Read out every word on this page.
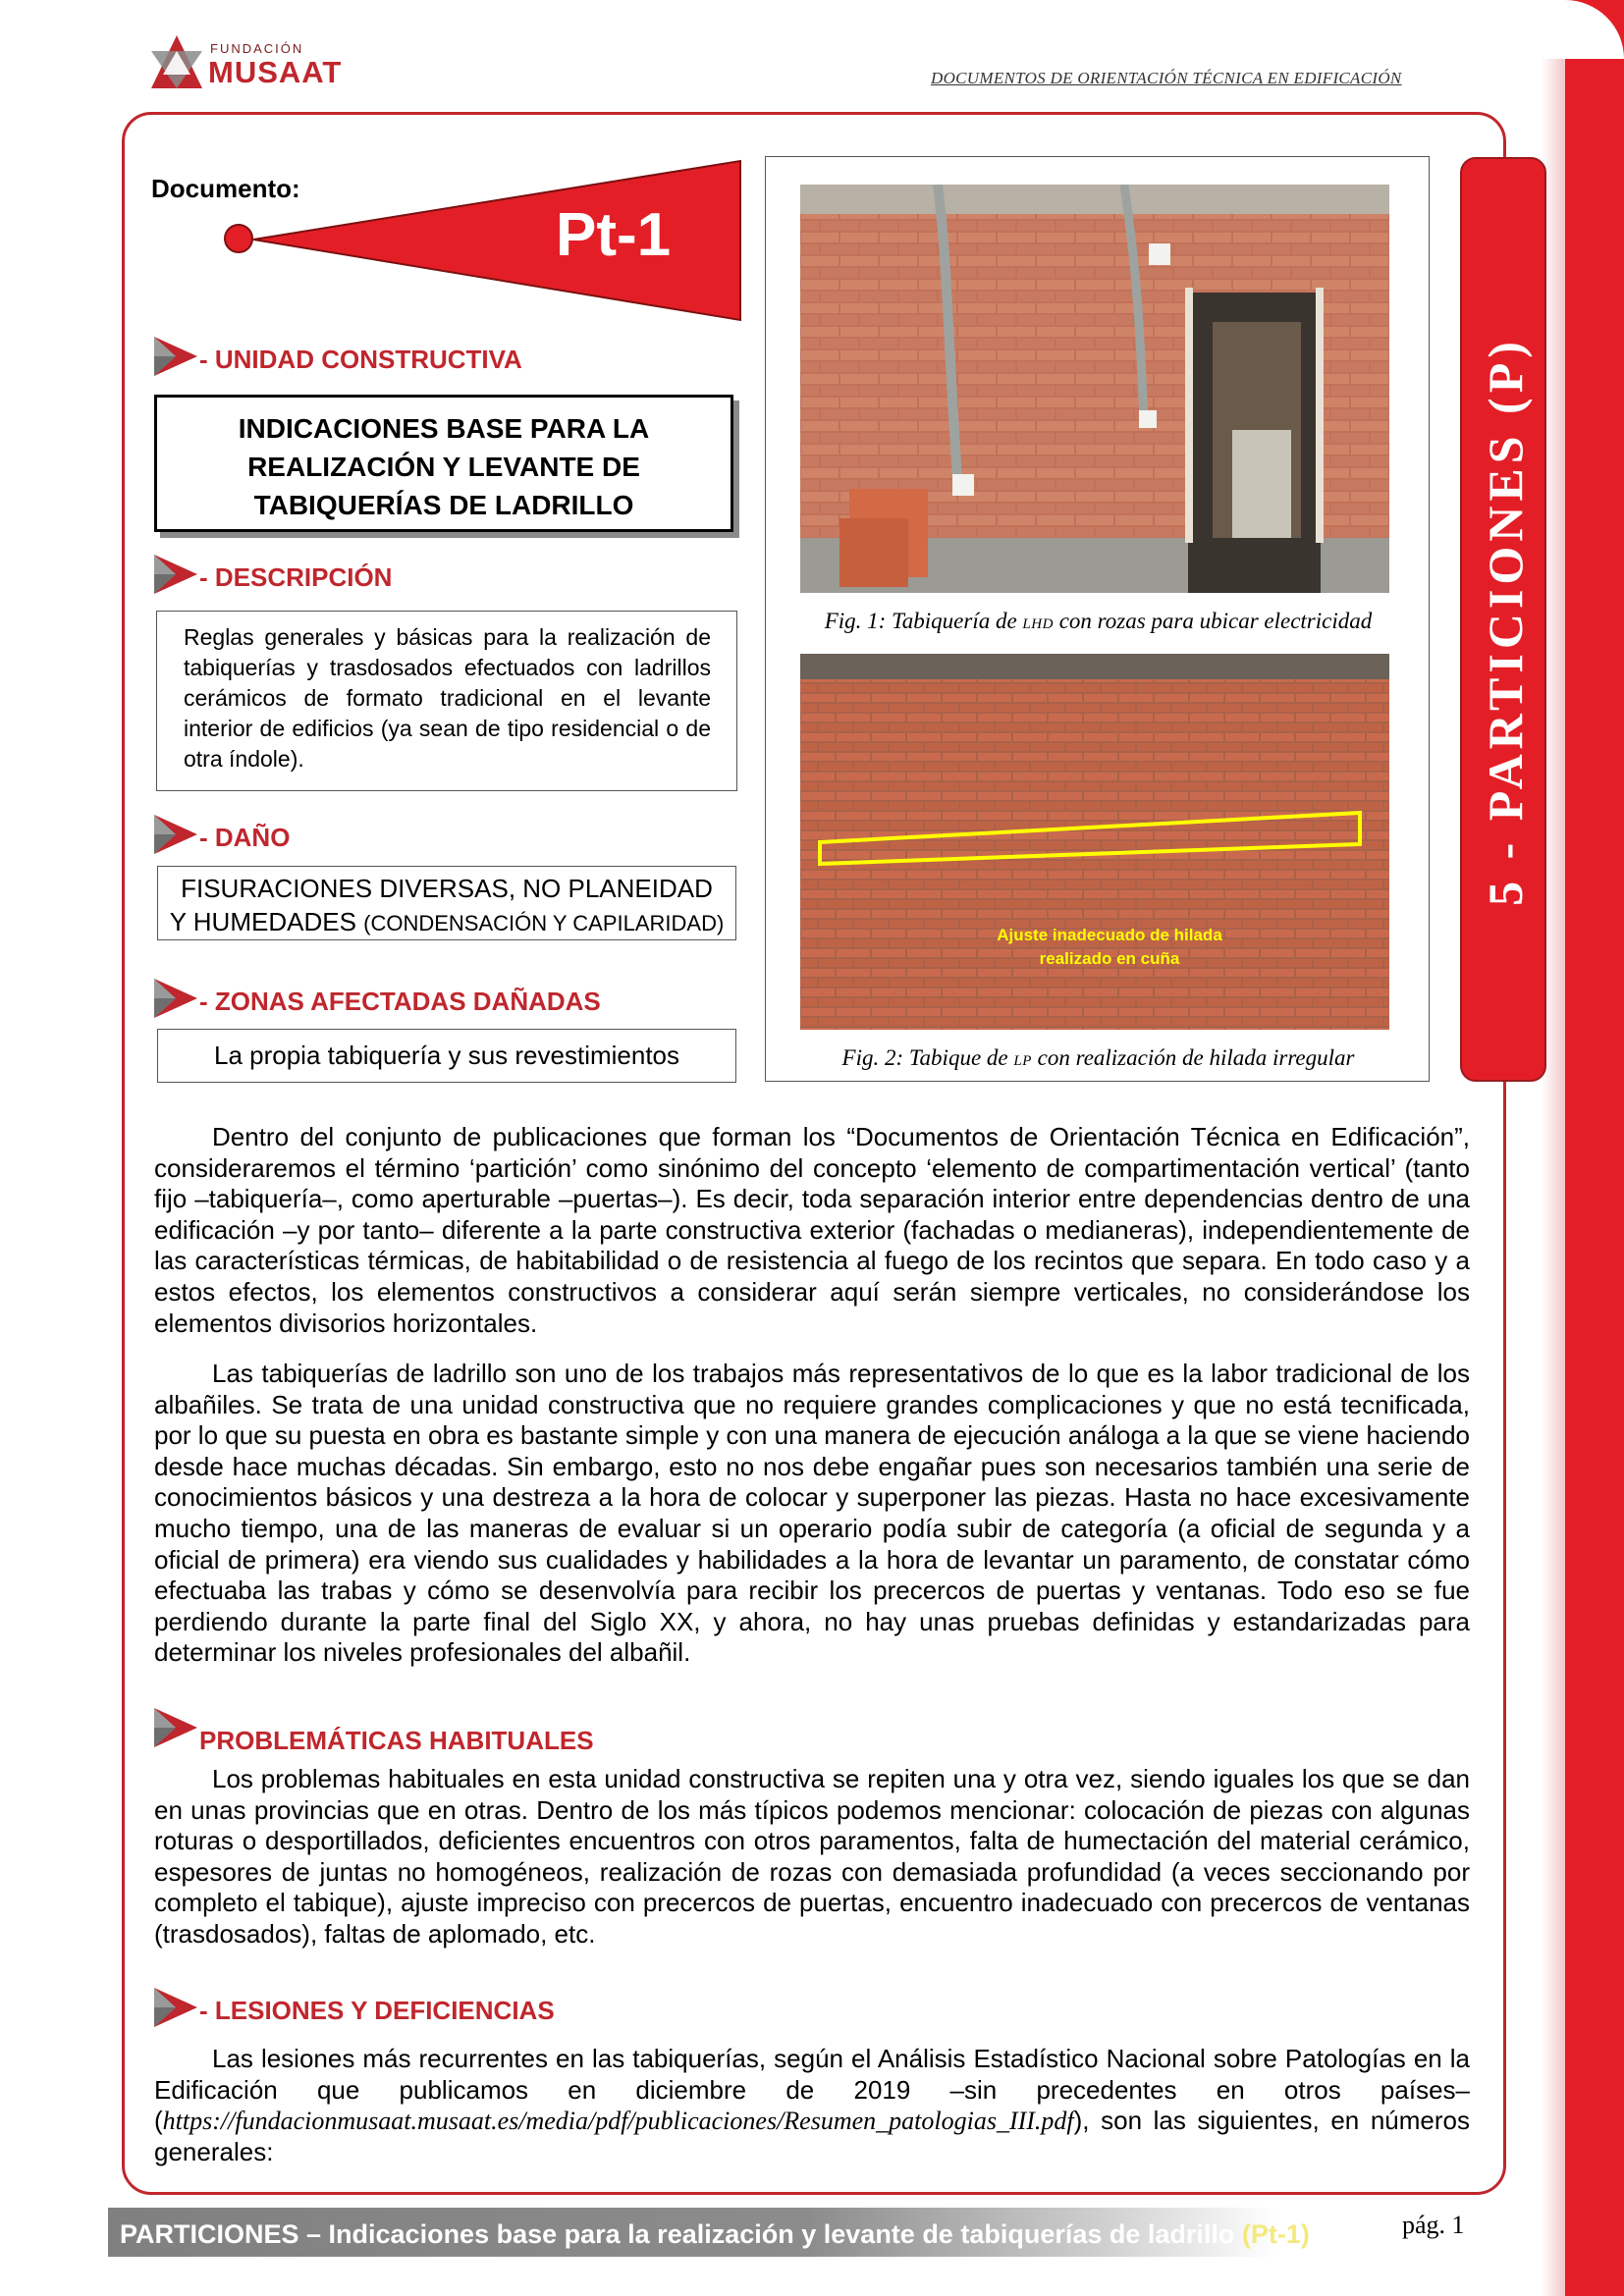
FUNDACIÓN
MUSAAT	DOCUMENTOS DE ORIENTACIÓN TÉCNICA EN EDIFICACIÓN
Documento:
Pt-1
- UNIDAD CONSTRUCTIVA
INDICACIONES BASE PARA LA
REALIZACIÓN Y LEVANTE DE
TABIQUERÍAS DE LADRILLO
- DESCRIPCIÓN
Reglas generales y básicas para la realización de tabiquerías y trasdosados efectuados con ladrillos cerámicos de formato tradicional en el levante interior de edificios (ya sean de tipo residencial o de otra índole).
- DAÑO
FISURACIONES DIVERSAS, NO PLANEIDAD
Y HUMEDADES (CONDENSACIÓN Y CAPILARIDAD)
- ZONAS AFECTADAS DAÑADAS
La propia tabiquería y sus revestimientos
Fig. 1: Tabiquería de LHD con rozas para ubicar electricidad
Ajuste inadecuado de hilada
realizado en cuña
Fig. 2: Tabique de LP con realización de hilada irregular
5 - PARTICIONES (P)
Dentro del conjunto de publicaciones que forman los “Documentos de Orientación Técnica en Edificación”, consideraremos el término ‘partición’ como sinónimo del concepto ‘elemento de compartimentación vertical’ (tanto fijo –tabiquería–, como aperturable –puertas–). Es decir, toda separación interior entre dependencias dentro de una edificación –y por tanto– diferente a la parte constructiva exterior (fachadas o medianeras), independientemente de las características térmicas, de habitabilidad o de resistencia al fuego de los recintos que separa. En todo caso y a estos efectos, los elementos constructivos a considerar aquí serán siempre verticales, no considerándose los elementos divisorios horizontales.
Las tabiquerías de ladrillo son uno de los trabajos más representativos de lo que es la labor tradicional de los albañiles. Se trata de una unidad constructiva que no requiere grandes complicaciones y que no está tecnificada, por lo que su puesta en obra es bastante simple y con una manera de ejecución análoga a la que se viene haciendo desde hace muchas décadas. Sin embargo, esto no nos debe engañar pues son necesarios también una serie de conocimientos básicos y una destreza a la hora de colocar y superponer las piezas. Hasta no hace excesivamente mucho tiempo, una de las maneras de evaluar si un operario podía subir de categoría (a oficial de segunda y a oficial de primera) era viendo sus cualidades y habilidades a la hora de levantar un paramento, de constatar cómo efectuaba las trabas y cómo se desenvolvía para recibir los precercos de puertas y ventanas. Todo eso se fue perdiendo durante la parte final del Siglo XX, y ahora, no hay unas pruebas definidas y estandarizadas para determinar los niveles profesionales del albañil.
PROBLEMÁTICAS HABITUALES
Los problemas habituales en esta unidad constructiva se repiten una y otra vez, siendo iguales los que se dan en unas provincias que en otras. Dentro de los más típicos podemos mencionar: colocación de piezas con algunas roturas o desportillados, deficientes encuentros con otros paramentos, falta de humectación del material cerámico, espesores de juntas no homogéneos, realización de rozas con demasiada profundidad (a veces seccionando por completo el tabique), ajuste impreciso con precercos de puertas, encuentro inadecuado con precercos de ventanas (trasdosados), faltas de aplomado, etc.
- LESIONES Y DEFICIENCIAS
Las lesiones más recurrentes en las tabiquerías, según el Análisis Estadístico Nacional sobre Patologías en la Edificación que publicamos en diciembre de 2019 –sin precedentes en otros países– (https://fundacionmusaat.musaat.es/media/pdf/publicaciones/Resumen_patologias_III.pdf), son las siguientes, en números generales:
PARTICIONES – Indicaciones base para la realización y levante de tabiquerías de ladrillo (Pt-1)	pág. 1
